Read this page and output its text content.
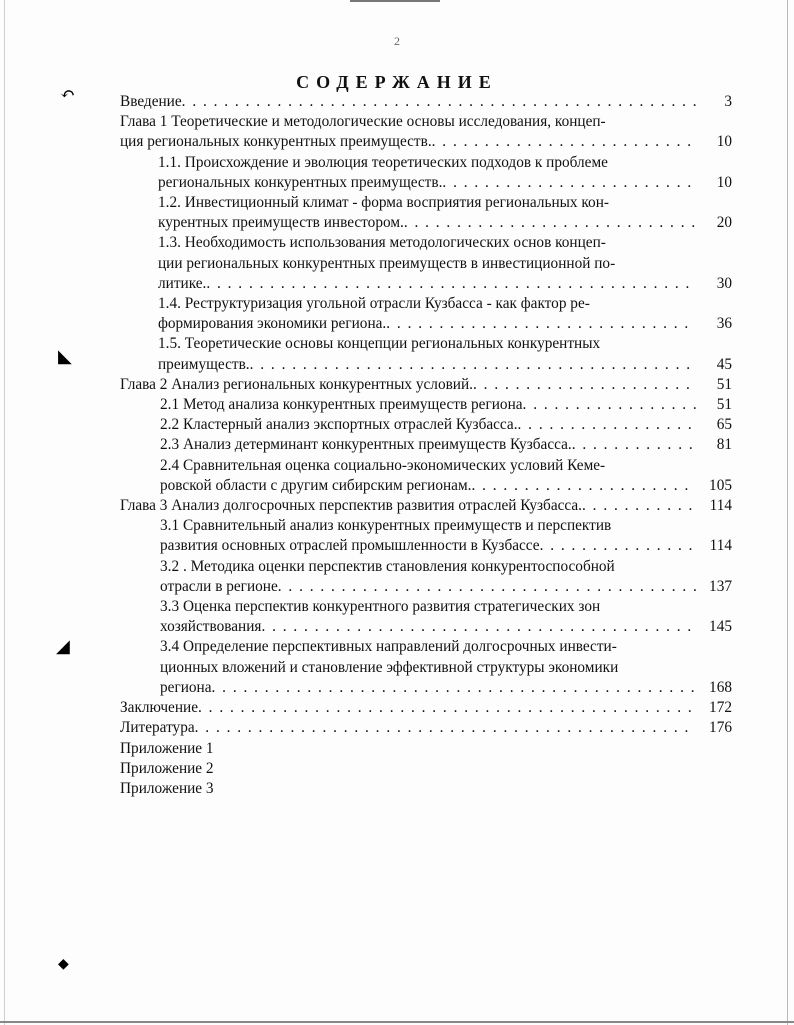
↶
◣
◢
◆
2
СОДЕРЖАНИЕ
Введение . . .	3
Глава 1 Теоретические и методологические основы исследования, концеп-
ция региональных конкурентных преимуществ. . . .	10
1.1. Происхождение и эволюция теоретических подходов к проблеме
региональных конкурентных преимуществ. . . .	10
1.2. Инвестиционный климат - форма восприятия региональных кон-
курентных преимуществ инвестором. . . .	20
1.3. Необходимость использования методологических основ концеп-
ции региональных конкурентных преимуществ в инвестиционной по-
литике. . . .	30
1.4. Реструктуризация угольной отрасли Кузбасса - как фактор ре-
формирования экономики региона. . . .	36
1.5. Теоретические основы концепции региональных конкурентных
преимуществ. . . .	45
Глава 2 Анализ региональных конкурентных условий. . . .	51
2.1 Метод анализа конкурентных преимуществ региона . . .	51
2.2 Кластерный анализ экспортных отраслей Кузбасса. . . .	65
2.3 Анализ детерминант конкурентных преимуществ Кузбасса. . . .	81
2.4 Сравнительная оценка социально-экономических условий Кеме-
ровской области с другим сибирским регионам. . . .	105
Глава 3 Анализ долгосрочных перспектив развития отраслей Кузбасса. . . .	114
3.1 Сравнительный анализ конкурентных преимуществ и перспектив
развития основных отраслей промышленности в Кузбассе . . .	114
3.2 . Методика оценки перспектив становления конкурентоспособной
отрасли в регионе . . .	137
3.3 Оценка перспектив конкурентного развития стратегических зон
хозяйствования . . .	145
3.4 Определение перспективных направлений долгосрочных инвести-
ционных вложений и становление эффективной структуры экономики
региона . . .	168
Заключение . . .	172
Литература . . .	176
Приложение 1
Приложение 2
Приложение 3
